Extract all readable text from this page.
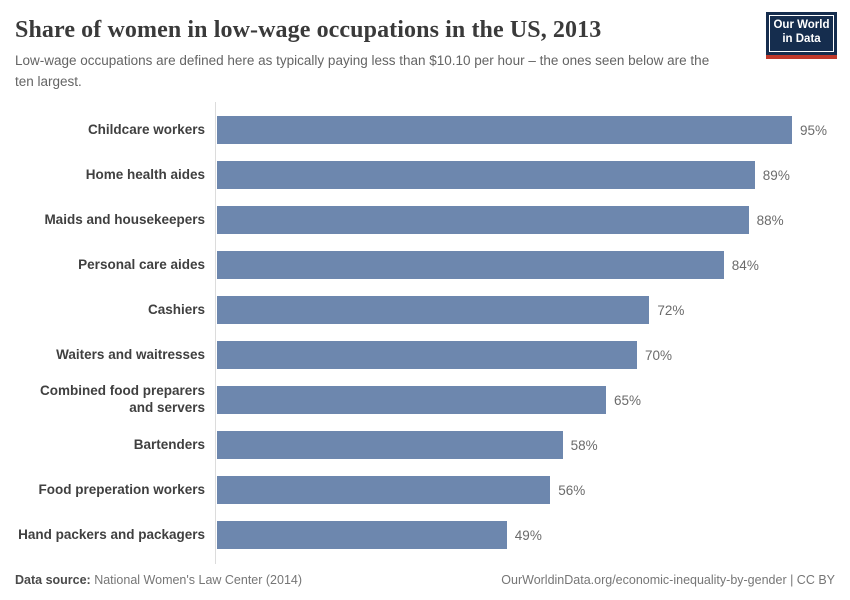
Share of women in low-wage occupations in the US, 2013	Our World
in Data

Low-wage occupations are defined here as typically paying less than $10.10 per hour – the ones seen below are the ten largest.

Childcare workers	95%
Home health aides	89%
Maids and housekeepers	88%
Personal care aides	84%
Cashiers	72%
Waiters and waitresses	70%
Combined food preparers and servers	65%
Bartenders	58%
Food preperation workers	56%
Hand packers and packagers	49%
Data source: National Women's Law Center (2014)	OurWorldinData.org/economic-inequality-by-gender | CC BY
